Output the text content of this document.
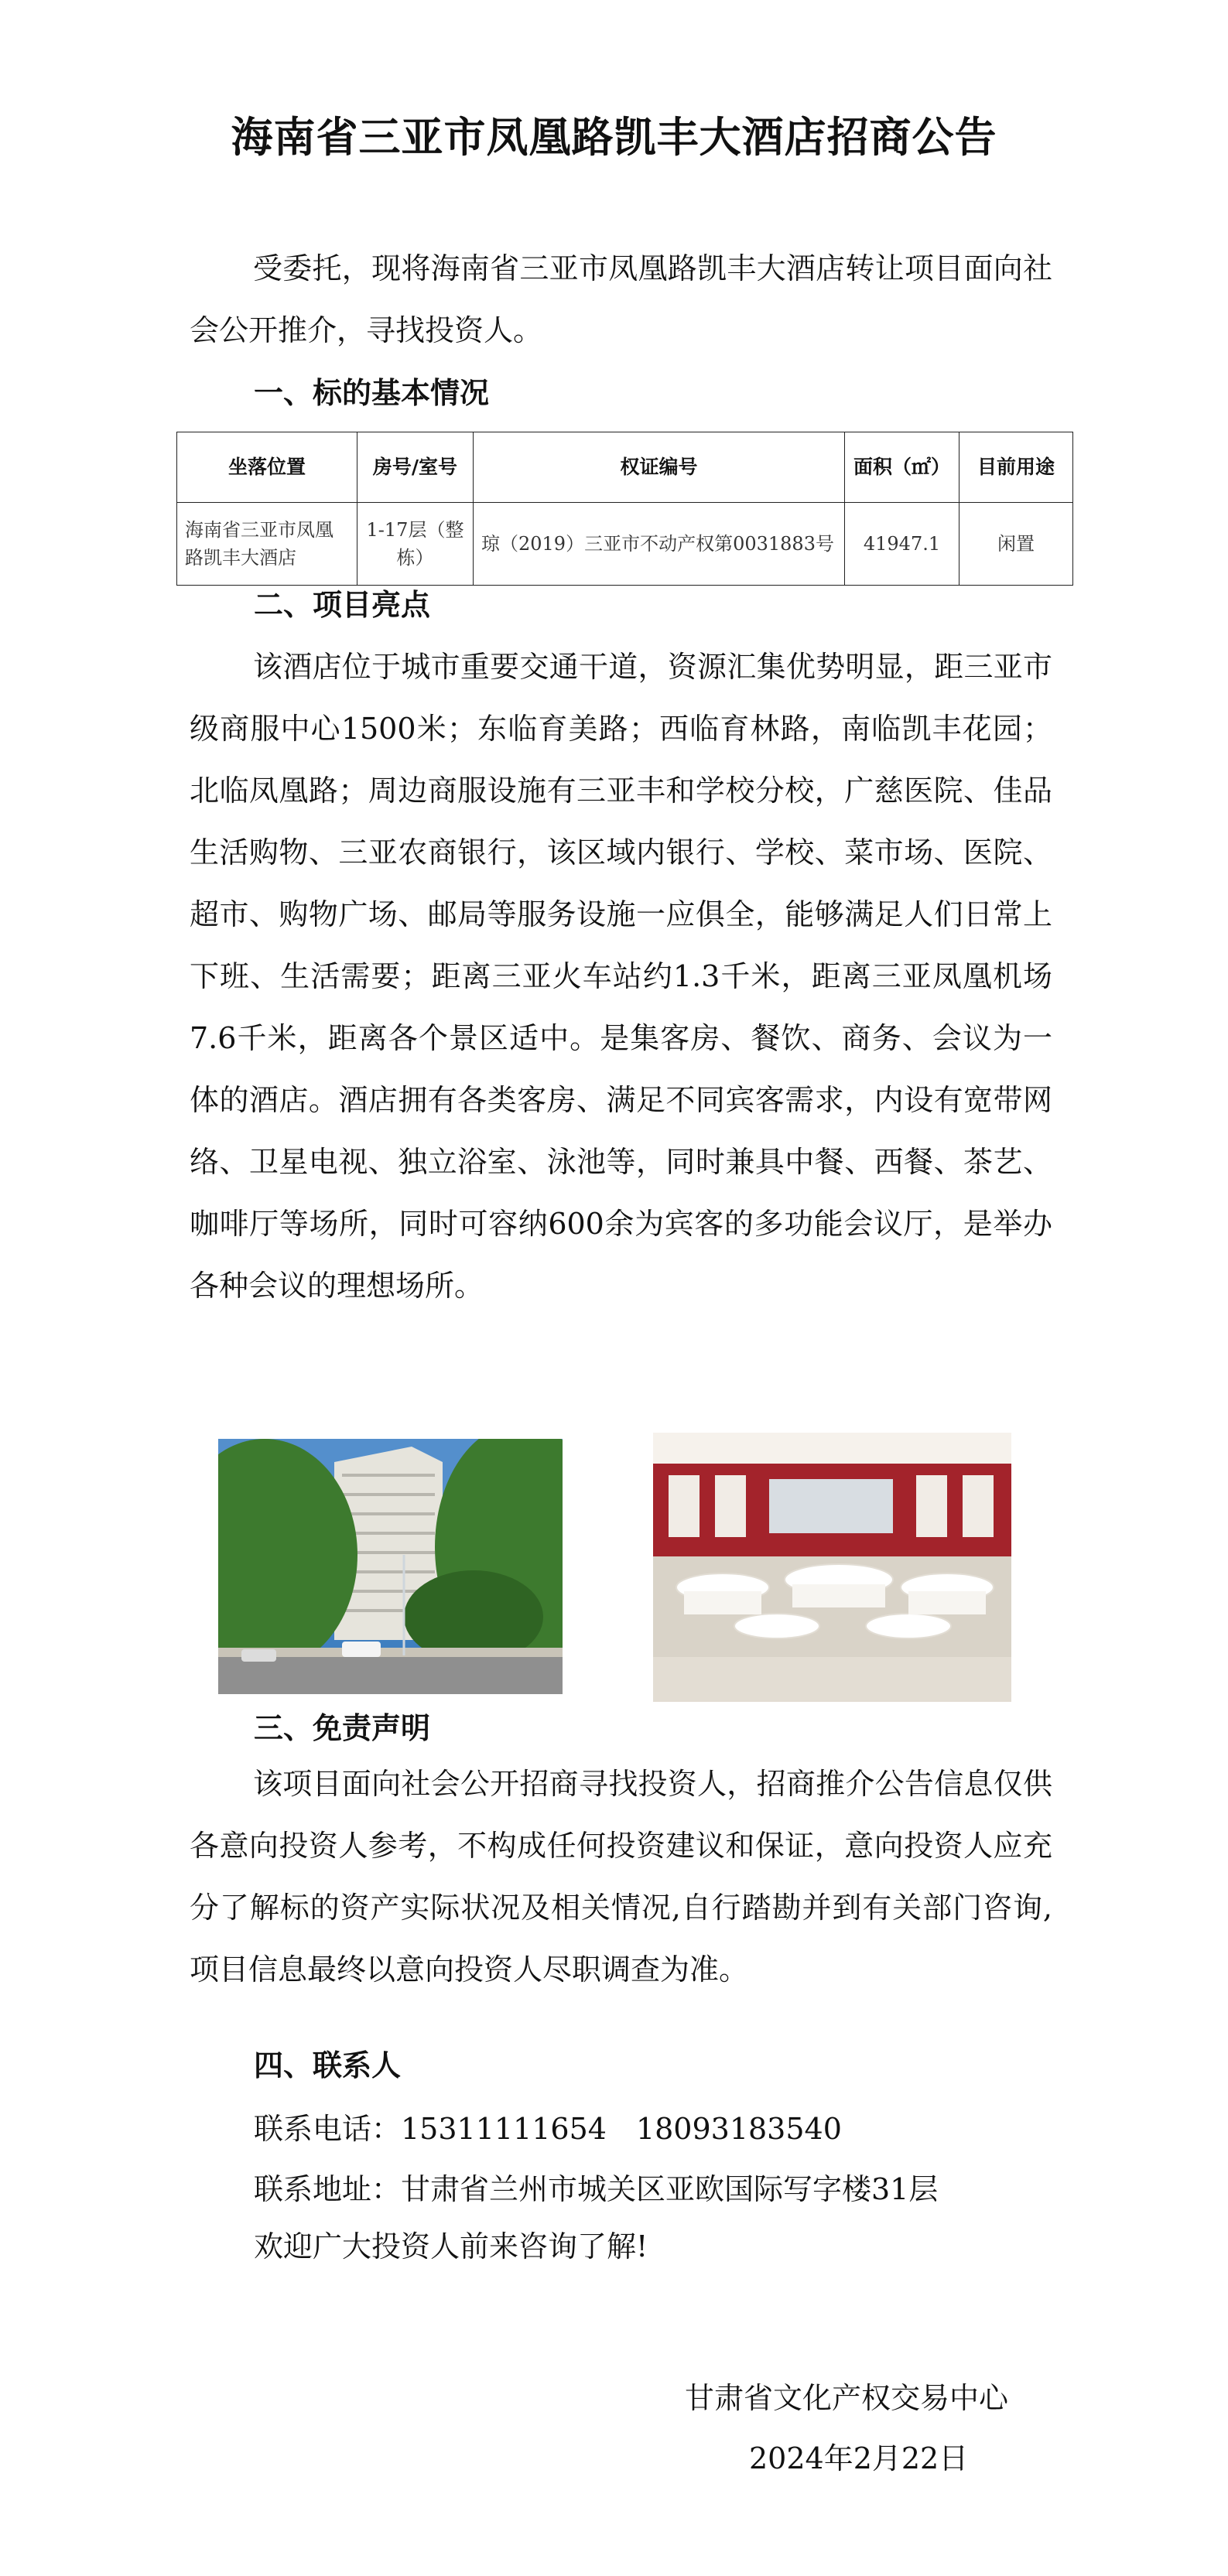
海南省三亚市凤凰路凯丰大酒店招商公告

受委托，现将海南省三亚市凤凰路凯丰大酒店转让项目面向社会公开推介，寻找投资人。

一、标的基本情况
坐落位置	房号/室号	权证编号	面积（㎡）	目前用途
海南省三亚市凤凰路凯丰大酒店	1-17层（整栋）	琼（2019）三亚市不动产权第0031883号	41947.1	闲置
二、项目亮点

该酒店位于城市重要交通干道，资源汇集优势明显，距三亚市级商服中心1500米；东临育美路；西临育林路，南临凯丰花园；北临凤凰路；周边商服设施有三亚丰和学校分校，广慈医院、佳品生活购物、三亚农商银行，该区域内银行、学校、菜市场、医院、超市、购物广场、邮局等服务设施一应俱全，能够满足人们日常上下班、生活需要；距离三亚火车站约1.3千米，距离三亚凤凰机场7.6千米，距离各个景区适中。是集客房、餐饮、商务、会议为一体的酒店。酒店拥有各类客房、满足不同宾客需求，内设有宽带网络、卫星电视、独立浴室、泳池等，同时兼具中餐、西餐、茶艺、咖啡厅等场所，同时可容纳600余为宾客的多功能会议厅，是举办各种会议的理想场所。

三、免责声明

该项目面向社会公开招商寻找投资人，招商推介公告信息仅供各意向投资人参考，不构成任何投资建议和保证，意向投资人应充分了解标的资产实际状况及相关情况,自行踏勘并到有关部门咨询,项目信息最终以意向投资人尽职调查为准。

四、联系人
联系电话：15311111654　18093183540
联系地址：甘肃省兰州市城关区亚欧国际写字楼31层
欢迎广大投资人前来咨询了解!
甘肃省文化产权交易中心
2024年2月22日
